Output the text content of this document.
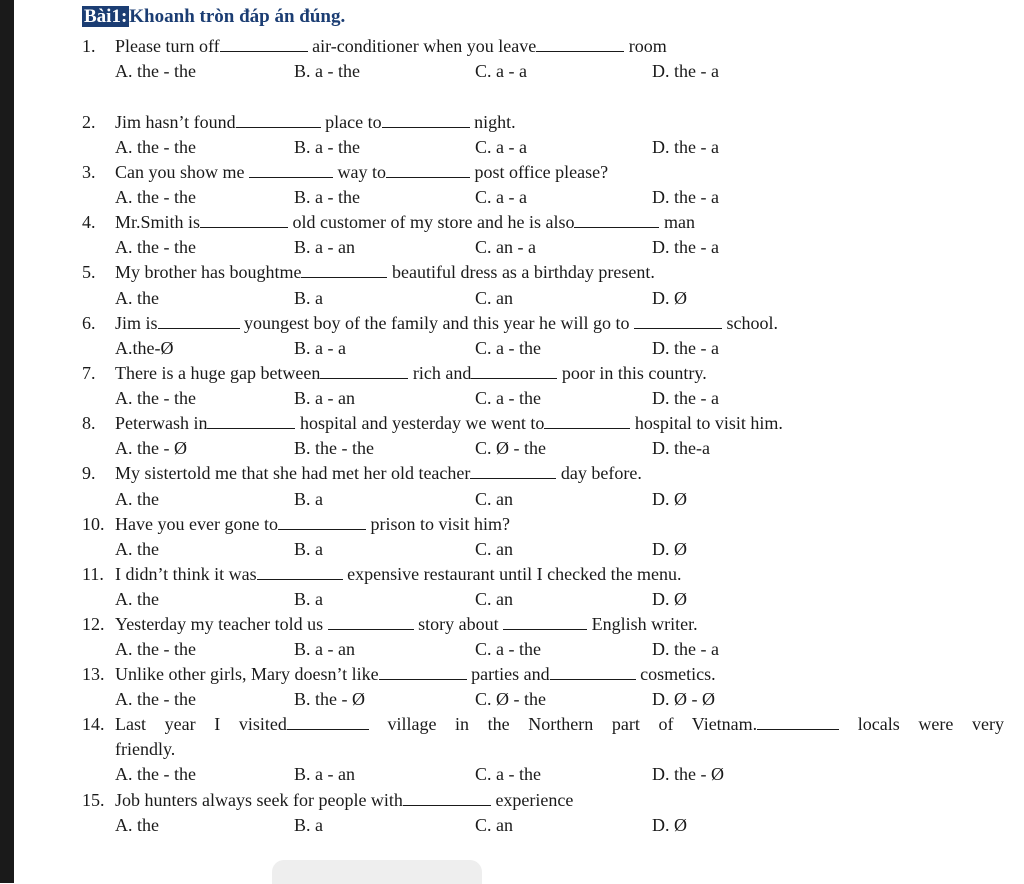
Bài1: Khoanh tròn đáp án đúng.
1. Please turn off	air-conditioner when you leave	room
A. the - the	B. a - the	C. a - a	D. the - a
2. Jim hasn’t found	place to	night.
A. the - the	B. a - the	C. a - a	D. the - a
3. Can you show me	way to	post office please?
A. the - the	B. a - the	C. a - a	D. the - a
4. Mr.Smith is	old customer of my store and he is also	man
A. the - the	B. a - an	C. an - a	D. the - a
5. My brother has boughtme	beautiful dress as a birthday present.
A. the	B. a	C. an	D. Ø
6. Jim is	youngest boy of the family and this year he will go to	school.
A.the-Ø	B. a - a	C. a - the	D. the - a
7. There is a huge gap between	rich and	poor in this country.
A. the - the	B. a - an	C. a - the	D. the - a
8. Peterwash in	hospital and yesterday we went to	hospital to visit him.
A. the - Ø	B. the - the	C. Ø - the	D. the-a
9. My sistertold me that she had met her old teacher	day before.
A. the	B. a	C. an	D. Ø
10. Have you ever gone to	prison to visit him?
A. the	B. a	C. an	D. Ø
11. I didn’t think it was	expensive restaurant until I checked the menu.
A. the	B. a	C. an	D. Ø
12. Yesterday my teacher told us	story about	English writer.
A. the - the	B. a - an	C. a - the	D. the - a
13. Unlike other girls, Mary doesn’t like	parties and	cosmetics.
A. the - the	B. the - Ø	C. Ø - the	D. Ø - Ø
14. Last year I visited	village in the Northern part of Vietnam.	locals were very
friendly.
A. the - the	B. a - an	C. a - the	D. the - Ø
15. Job hunters always seek for people with	experience
A. the	B. a	C. an	D. Ø
